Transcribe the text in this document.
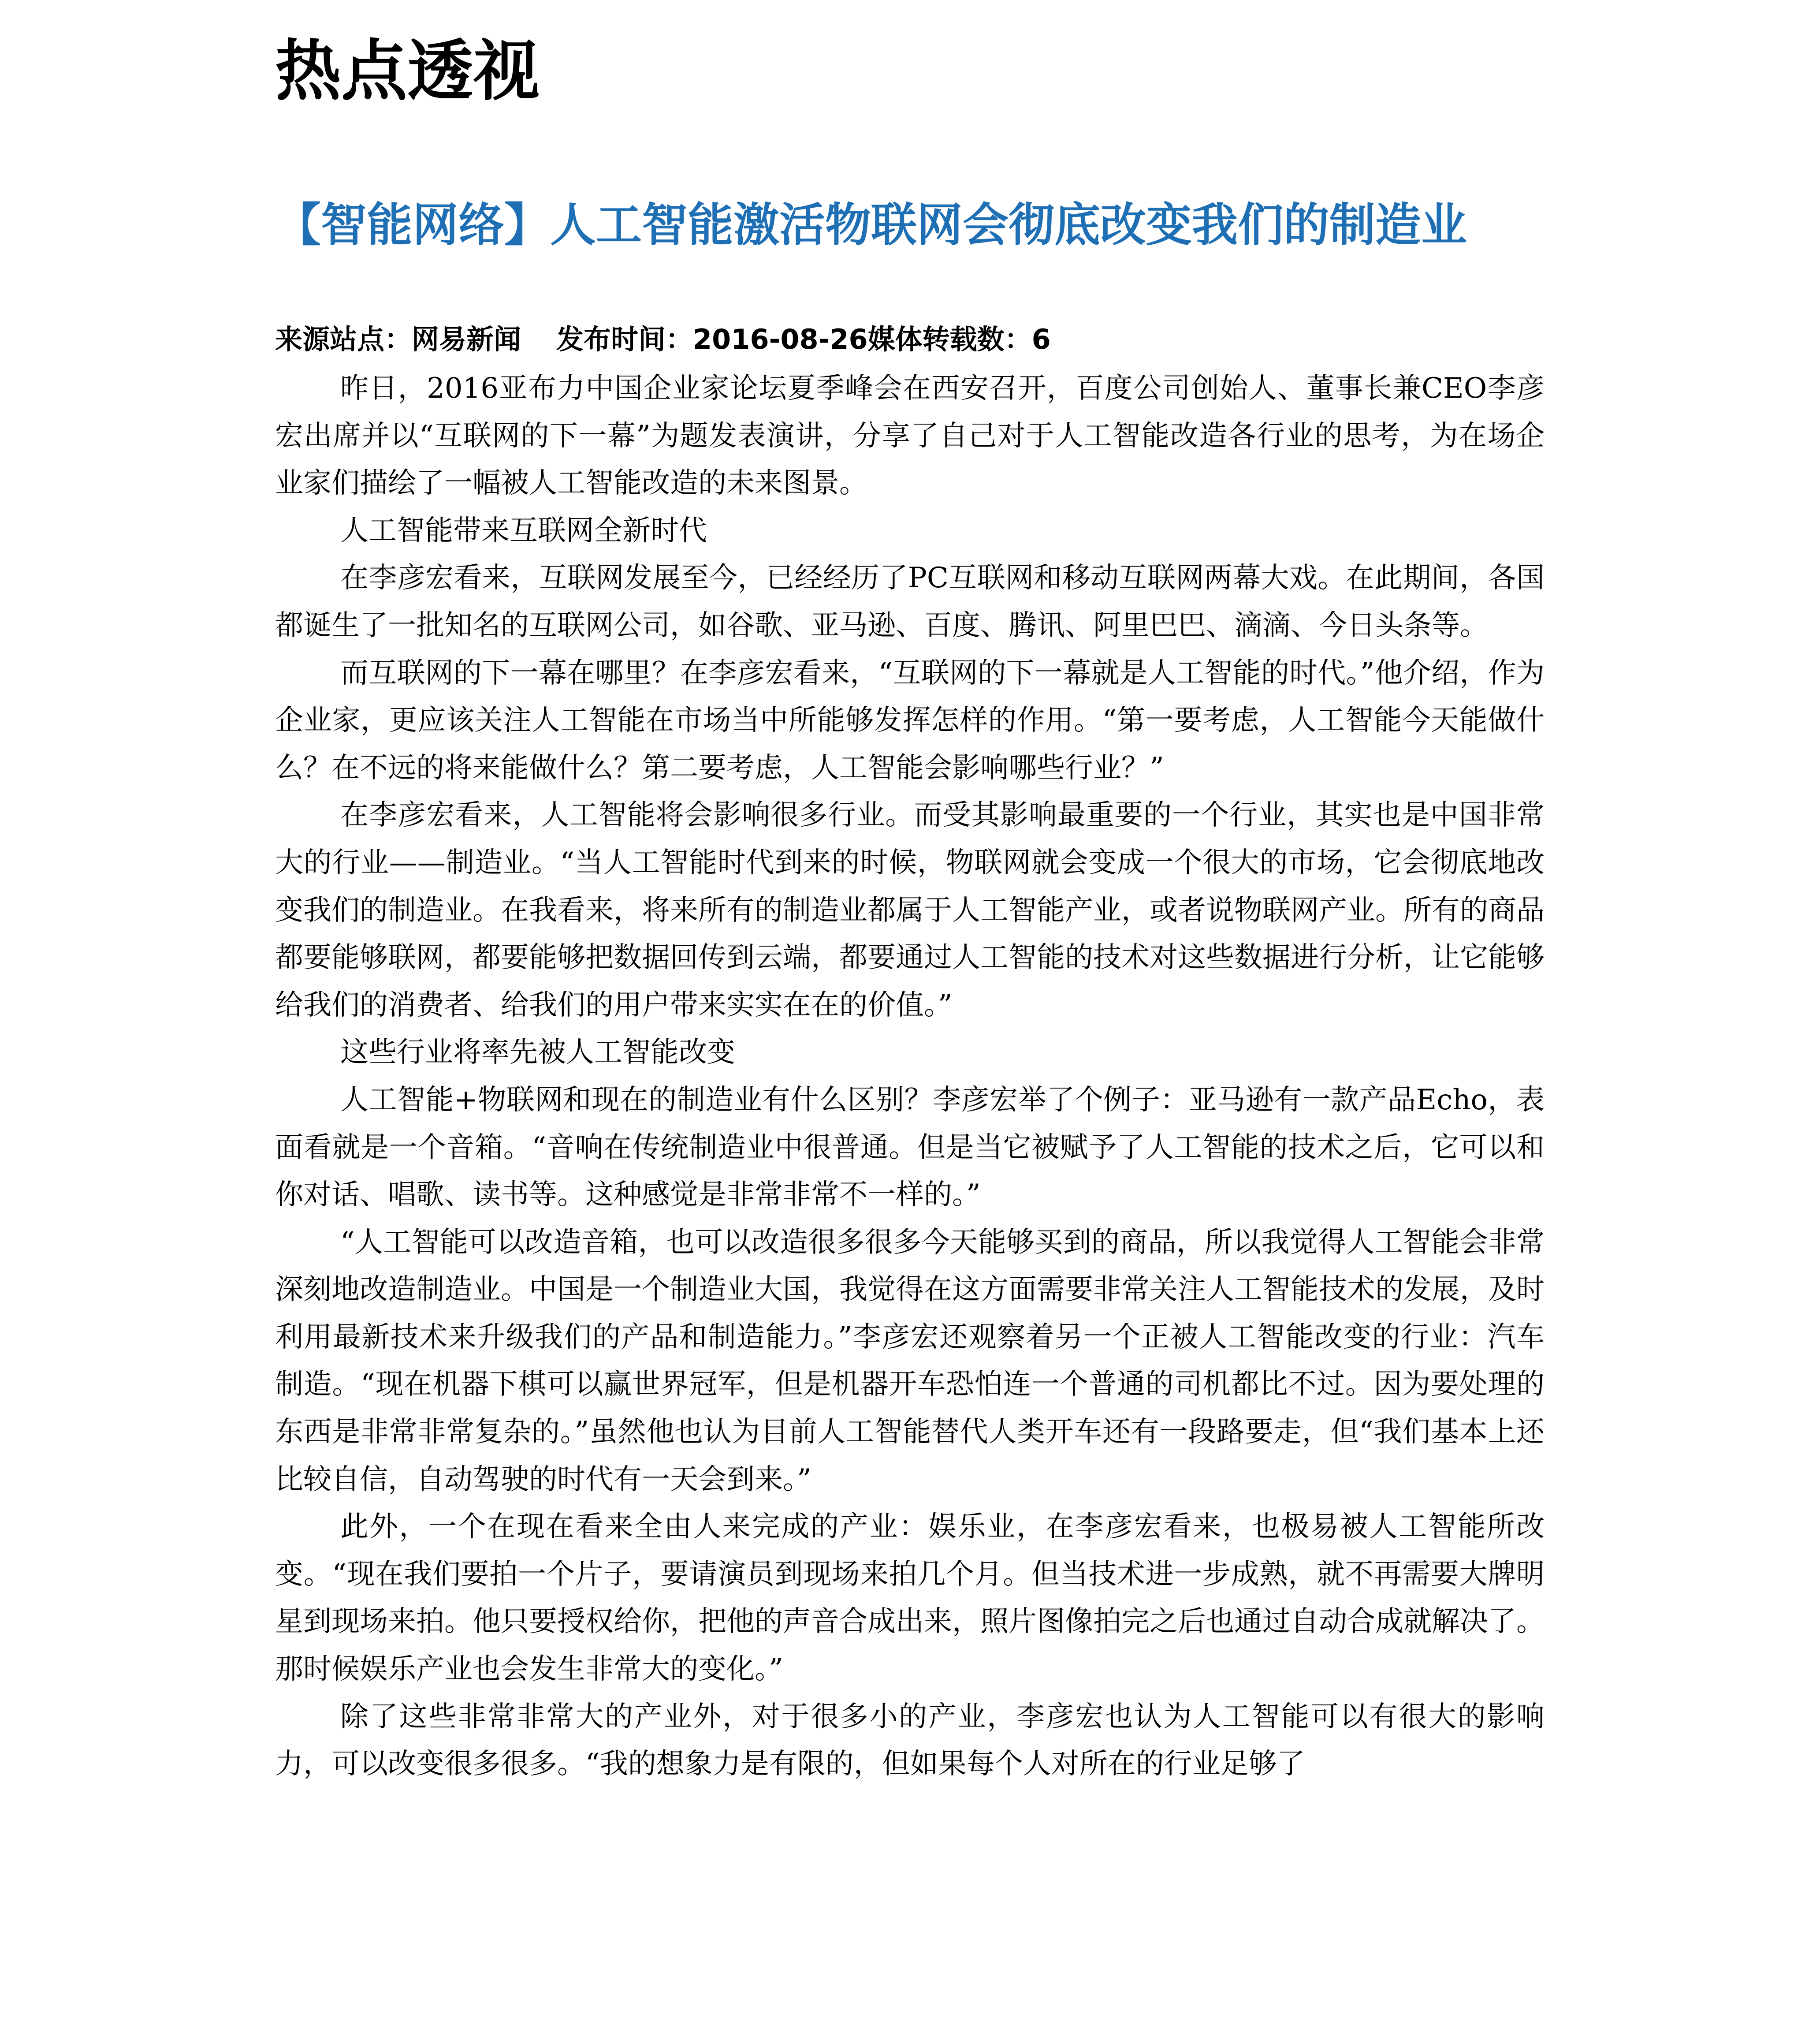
热点透视
【智能网络】人工智能激活物联网会彻底改变我们的制造业
来源站点：网易新闻 发布时间：2016-08-26媒体转载数：6

昨日，2016亚布力中国企业家论坛夏季峰会在西安召开，百度公司创始人、董事长兼CEO李彦宏出席并以“互联网的下一幕”为题发表演讲，分享了自己对于人工智能改造各行业的思考，为在场企业家们描绘了一幅被人工智能改造的未来图景。

人工智能带来互联网全新时代

在李彦宏看来，互联网发展至今，已经经历了PC互联网和移动互联网两幕大戏。在此期间，各国都诞生了一批知名的互联网公司，如谷歌、亚马逊、百度、腾讯、阿里巴巴、滴滴、今日头条等。

而互联网的下一幕在哪里？在李彦宏看来，“互联网的下一幕就是人工智能的时代。”他介绍，作为企业家，更应该关注人工智能在市场当中所能够发挥怎样的作用。“第一要考虑，人工智能今天能做什么？在不远的将来能做什么？第二要考虑，人工智能会影响哪些行业？”

在李彦宏看来，人工智能将会影响很多行业。而受其影响最重要的一个行业，其实也是中国非常大的行业——制造业。“当人工智能时代到来的时候，物联网就会变成一个很大的市场，它会彻底地改变我们的制造业。在我看来，将来所有的制造业都属于人工智能产业，或者说物联网产业。所有的商品都要能够联网，都要能够把数据回传到云端，都要通过人工智能的技术对这些数据进行分析，让它能够给我们的消费者、给我们的用户带来实实在在的价值。”

这些行业将率先被人工智能改变

人工智能+物联网和现在的制造业有什么区别？李彦宏举了个例子：亚马逊有一款产品Echo，表面看就是一个音箱。“音响在传统制造业中很普通。但是当它被赋予了人工智能的技术之后，它可以和你对话、唱歌、读书等。这种感觉是非常非常不一样的。”

“人工智能可以改造音箱，也可以改造很多很多今天能够买到的商品，所以我觉得人工智能会非常深刻地改造制造业。中国是一个制造业大国，我觉得在这方面需要非常关注人工智能技术的发展，及时利用最新技术来升级我们的产品和制造能力。”李彦宏还观察着另一个正被人工智能改变的行业：汽车制造。“现在机器下棋可以赢世界冠军，但是机器开车恐怕连一个普通的司机都比不过。因为要处理的东西是非常非常复杂的。”虽然他也认为目前人工智能替代人类开车还有一段路要走，但“我们基本上还比较自信，自动驾驶的时代有一天会到来。”

此外，一个在现在看来全由人来完成的产业：娱乐业，在李彦宏看来，也极易被人工智能所改变。“现在我们要拍一个片子，要请演员到现场来拍几个月。但当技术进一步成熟，就不再需要大牌明星到现场来拍。他只要授权给你，把他的声音合成出来，照片图像拍完之后也通过自动合成就解决了。那时候娱乐产业也会发生非常大的变化。”

除了这些非常非常大的产业外，对于很多小的产业，李彦宏也认为人工智能可以有很大的影响力，可以改变很多很多。“我的想象力是有限的，但如果每个人对所在的行业足够了
